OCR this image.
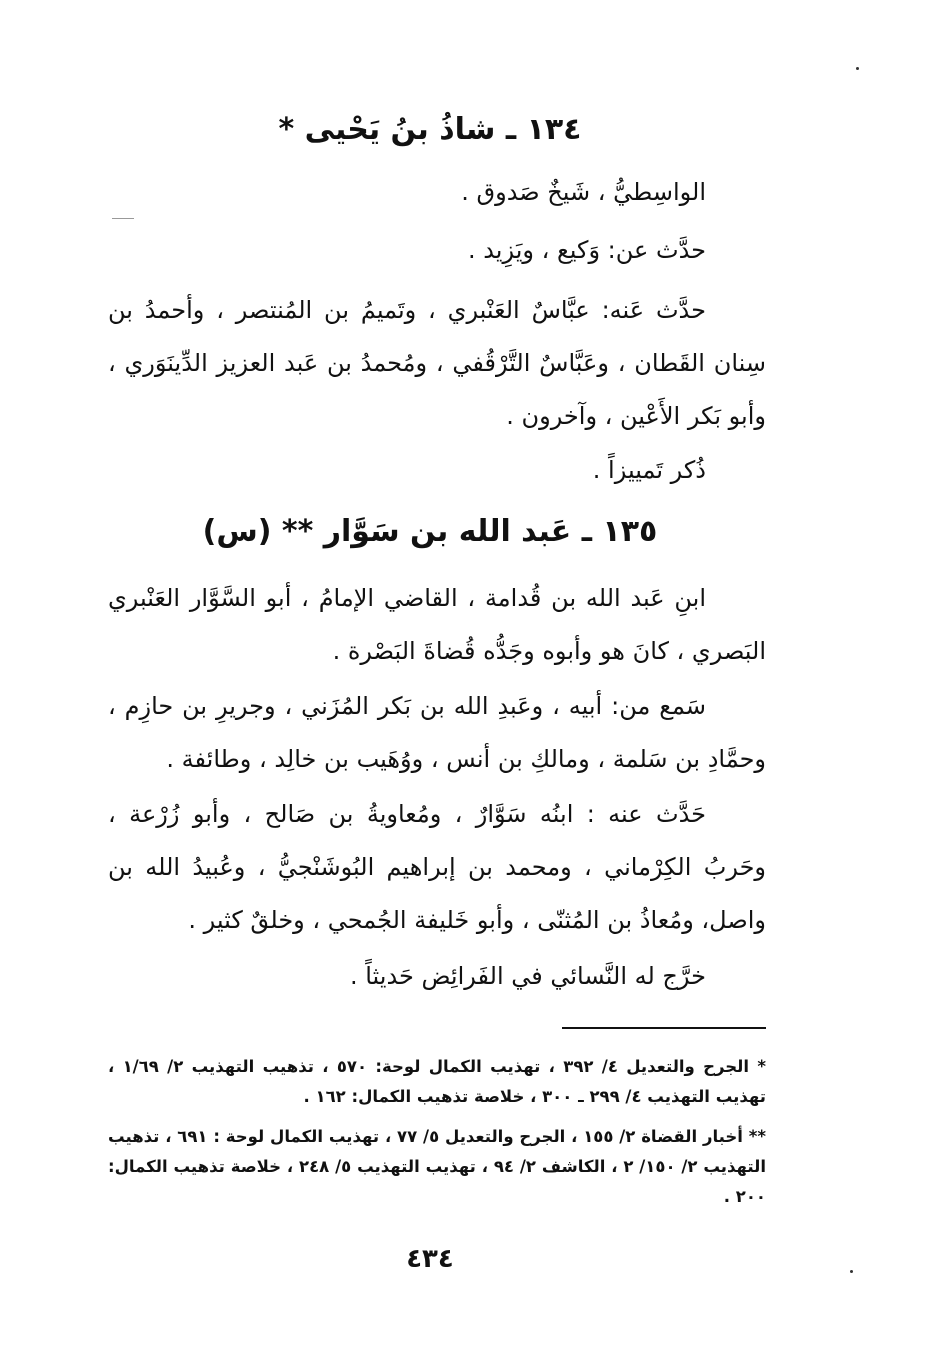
١٣٤ ـ شاذُ بنُ يَحْيى *
الواسِطيُّ ، شَيخٌ صَدوق .
حدَّث عن: وَكيع ، ويَزِيد .
حدَّث عَنه: عبَّاسٌ العَنْبري ، وتَميمُ بن المُنتصر ، وأحمدُ بن سِنان القَطان ، وعَبَّاسٌ التَّرْقُفي ، ومُحمدُ بن عَبد العزيز الدِّينَوَري ، وأبو بَكر الأَعْين ، وآخرون .
ذُكر تَمييزاً .
١٣٥ ـ عَبد الله بن سَوَّار ** (س)
ابنِ عَبد الله بن قُدامة ، القاضي الإمامُ ، أبو السَّوَّار العَنْبري البَصري ، كانَ هو وأبوه وجَدُّه قُضاةَ البَصْرة .
سَمع من: أبيه ، وعَبدِ الله بن بَكر المُزَني ، وجريرِ بن حازِم ، وحمَّادِ بن سَلمة ، ومالكِ بن أنس ، ووُهَيب بن خالِد ، وطائفة .
حَدَّث عنه : ابنُه سَوَّارٌ ، ومُعاويةُ بن صَالح ، وأبو زُرْعة ، وحَربُ الكِرْماني ، ومحمد بن إبراهيم البُوشَنْجيُّ ، وعُبيدُ الله بن واصل، ومُعاذُ بن المُثنّى ، وأبو خَليفة الجُمحي ، وخلقٌ كثير .
خرَّج له النَّسائي في الفَرائِض حَديثاً .
* الجرح والتعديل ٤/ ٣٩٢ ، تهذيب الكمال لوحة: ٥٧٠ ، تذهيب التهذيب ٢/ ١/٦٩ ، تهذيب التهذيب ٤/ ٢٩٩ ـ ٣٠٠ ، خلاصة تذهيب الكمال: ١٦٢ .
** أخبار القضاة ٢/ ١٥٥ ، الجرح والتعديل ٥/ ٧٧ ، تهذيب الكمال لوحة : ٦٩١ ، تذهيب التهذيب ٢/ ١٥٠/ ٢ ، الكاشف ٢/ ٩٤ ، تهذيب التهذيب ٥/ ٢٤٨ ، خلاصة تذهيب الكمال: ٢٠٠ .
٤٣٤
